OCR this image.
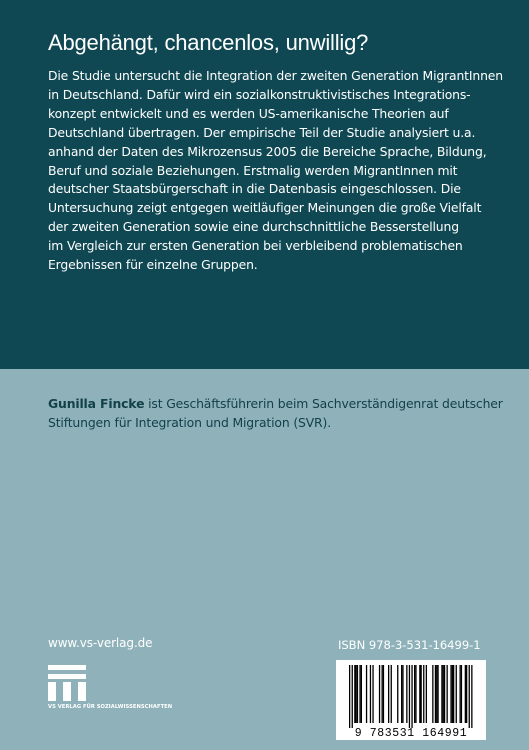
Abgehängt, chancenlos, unwillig?

Die Studie untersucht die Integration der zweiten Generation MigrantInnen
in Deutschland. Dafür wird ein sozialkonstruktivistisches Integrations-
konzept entwickelt und es werden US-amerikanische Theorien auf
Deutschland übertragen. Der empirische Teil der Studie analysiert u.a.
anhand der Daten des Mikrozensus 2005 die Bereiche Sprache, Bildung,
Beruf und soziale Beziehungen. Erstmalig werden MigrantInnen mit
deutscher Staatsbürgerschaft in die Datenbasis eingeschlossen. Die
Untersuchung zeigt entgegen weitläufiger Meinungen die große Vielfalt
der zweiten Generation sowie eine durchschnittliche Besserstellung
im Vergleich zur ersten Generation bei verbleibend problematischen
Ergebnissen für einzelne Gruppen.

Gunilla Fincke ist Geschäftsführerin beim Sachverständigenrat deutscher
Stiftungen für Integration und Migration (SVR).

www.vs-verlag.de
VS VERLAG FÜR SOZIALWISSENSCHAFTEN
ISBN 978-3-531-16499-1
9 783531 164991
